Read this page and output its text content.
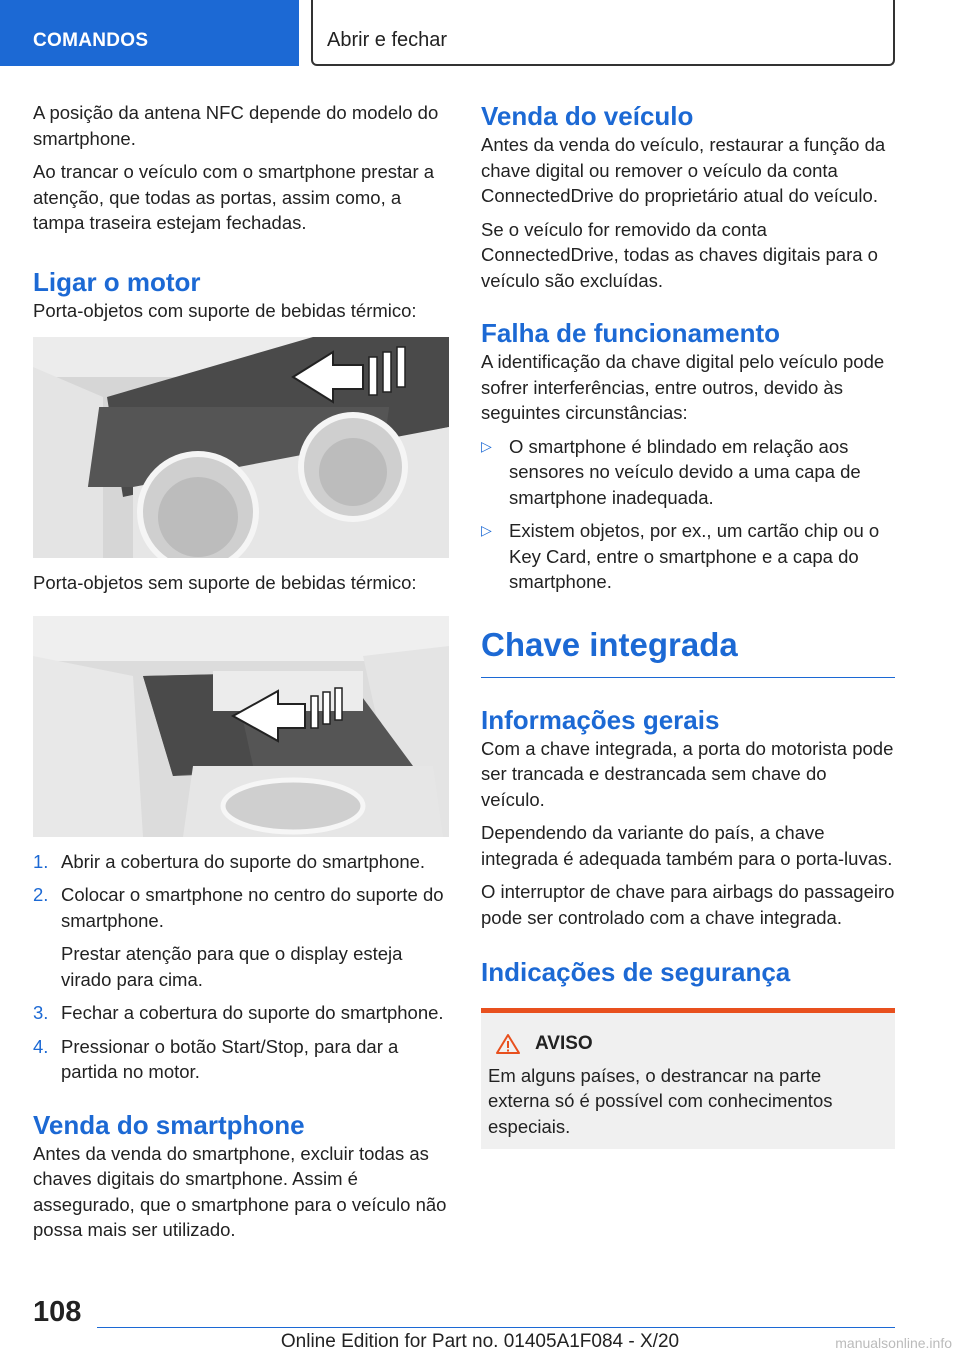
COMANDOS	Abrir e fechar

A posição da antena NFC depende do modelo do smartphone.

Ao trancar o veículo com o smartphone prestar a atenção, que todas as portas, assim como, a tampa traseira estejam fechadas.

Ligar o motor

Porta-objetos com suporte de bebidas térmico:

Porta-objetos sem suporte de bebidas térmico:

1. Abrir a cobertura do suporte do smartphone.
2. Colocar o smartphone no centro do suporte do smartphone.
Prestar atenção para que o display esteja virado para cima.
3. Fechar a cobertura do suporte do smartphone.
4. Pressionar o botão Start/Stop, para dar a partida no motor.
Venda do smartphone

Antes da venda do smartphone, excluir todas as chaves digitais do smartphone. Assim é assegurado, que o smartphone para o veículo não possa mais ser utilizado.

Venda do veículo

Antes da venda do veículo, restaurar a função da chave digital ou remover o veículo da conta ConnectedDrive do proprietário atual do veículo.

Se o veículo for removido da conta ConnectedDrive, todas as chaves digitais para o veículo são excluídas.

Falha de funcionamento

A identificação da chave digital pelo veículo pode sofrer interferências, entre outros, devido às seguintes circunstâncias:

▷ O smartphone é blindado em relação aos sensores no veículo devido a uma capa de smartphone inadequada.
▷ Existem objetos, por ex., um cartão chip ou o Key Card, entre o smartphone e a capa do smartphone.
Chave integrada
Informações gerais

Com a chave integrada, a porta do motorista pode ser trancada e destrancada sem chave do veículo.

Dependendo da variante do país, a chave integrada é adequada também para o porta-luvas.

O interruptor de chave para airbags do passageiro pode ser controlado com a chave integrada.

Indicações de segurança
AVISO
Em alguns países, o destrancar na parte externa só é possível com conhecimentos especiais.
108
Online Edition for Part no. 01405A1F084 - X/20	manualsonline.info
